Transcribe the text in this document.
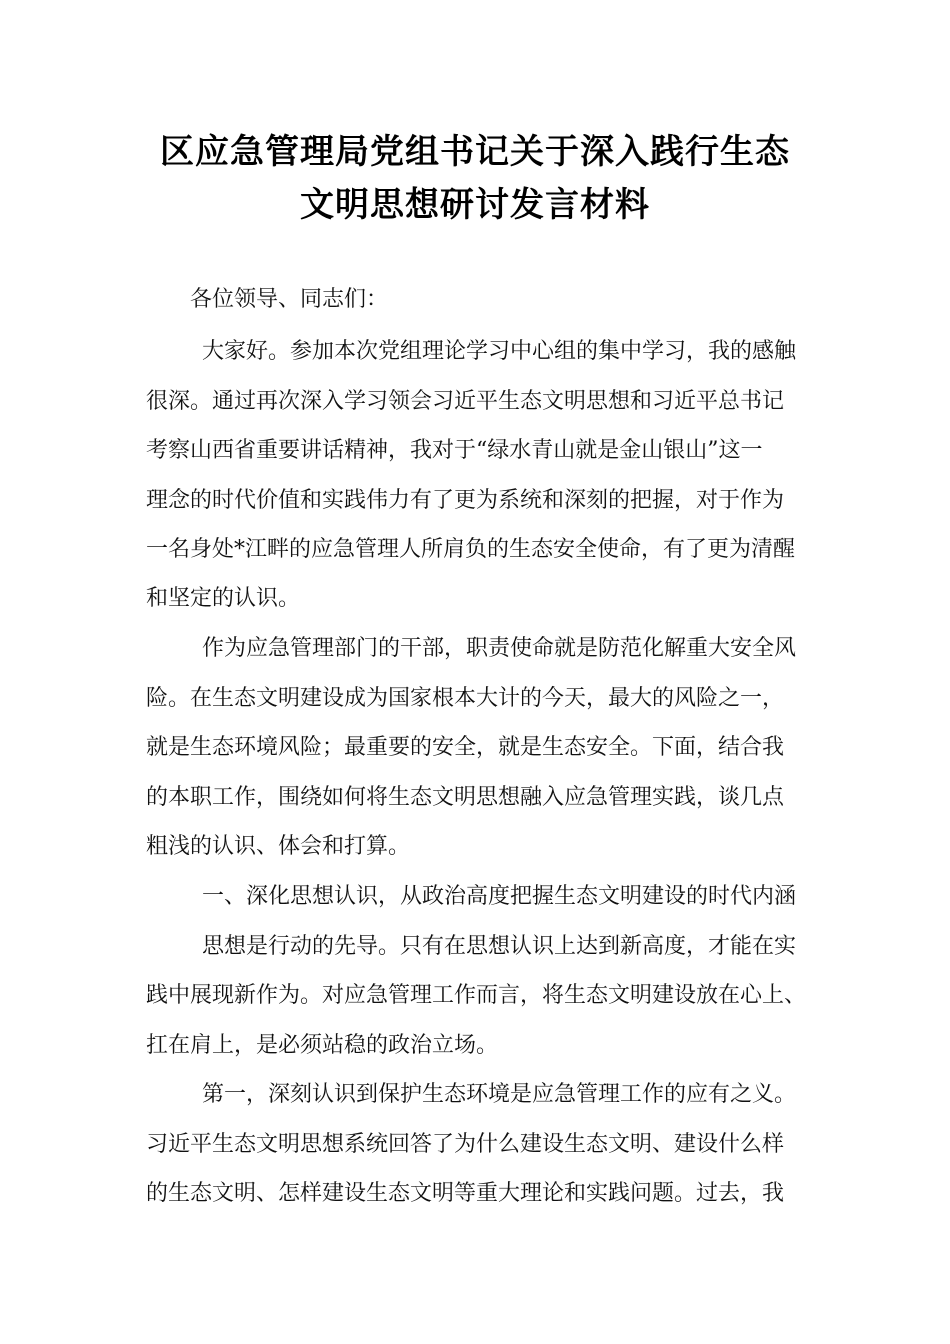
区应急管理局党组书记关于深入践行生态
文明思想研讨发言材料
各位领导、同志们：
大家好。参加本次党组理论学习中心组的集中学习，我的感触
很深。通过再次深入学习领会习近平生态文明思想和习近平总书记
考察山西省重要讲话精神，我对于“绿水青山就是金山银山”这一
理念的时代价值和实践伟力有了更为系统和深刻的把握，对于作为
一名身处*江畔的应急管理人所肩负的生态安全使命，有了更为清醒
和坚定的认识。
作为应急管理部门的干部，职责使命就是防范化解重大安全风
险。在生态文明建设成为国家根本大计的今天，最大的风险之一，
就是生态环境风险；最重要的安全，就是生态安全。下面，结合我
的本职工作，围绕如何将生态文明思想融入应急管理实践，谈几点
粗浅的认识、体会和打算。
一、深化思想认识，从政治高度把握生态文明建设的时代内涵
思想是行动的先导。只有在思想认识上达到新高度，才能在实
践中展现新作为。对应急管理工作而言，将生态文明建设放在心上、
扛在肩上，是必须站稳的政治立场。
第一，深刻认识到保护生态环境是应急管理工作的应有之义。
习近平生态文明思想系统回答了为什么建设生态文明、建设什么样
的生态文明、怎样建设生态文明等重大理论和实践问题。过去，我
